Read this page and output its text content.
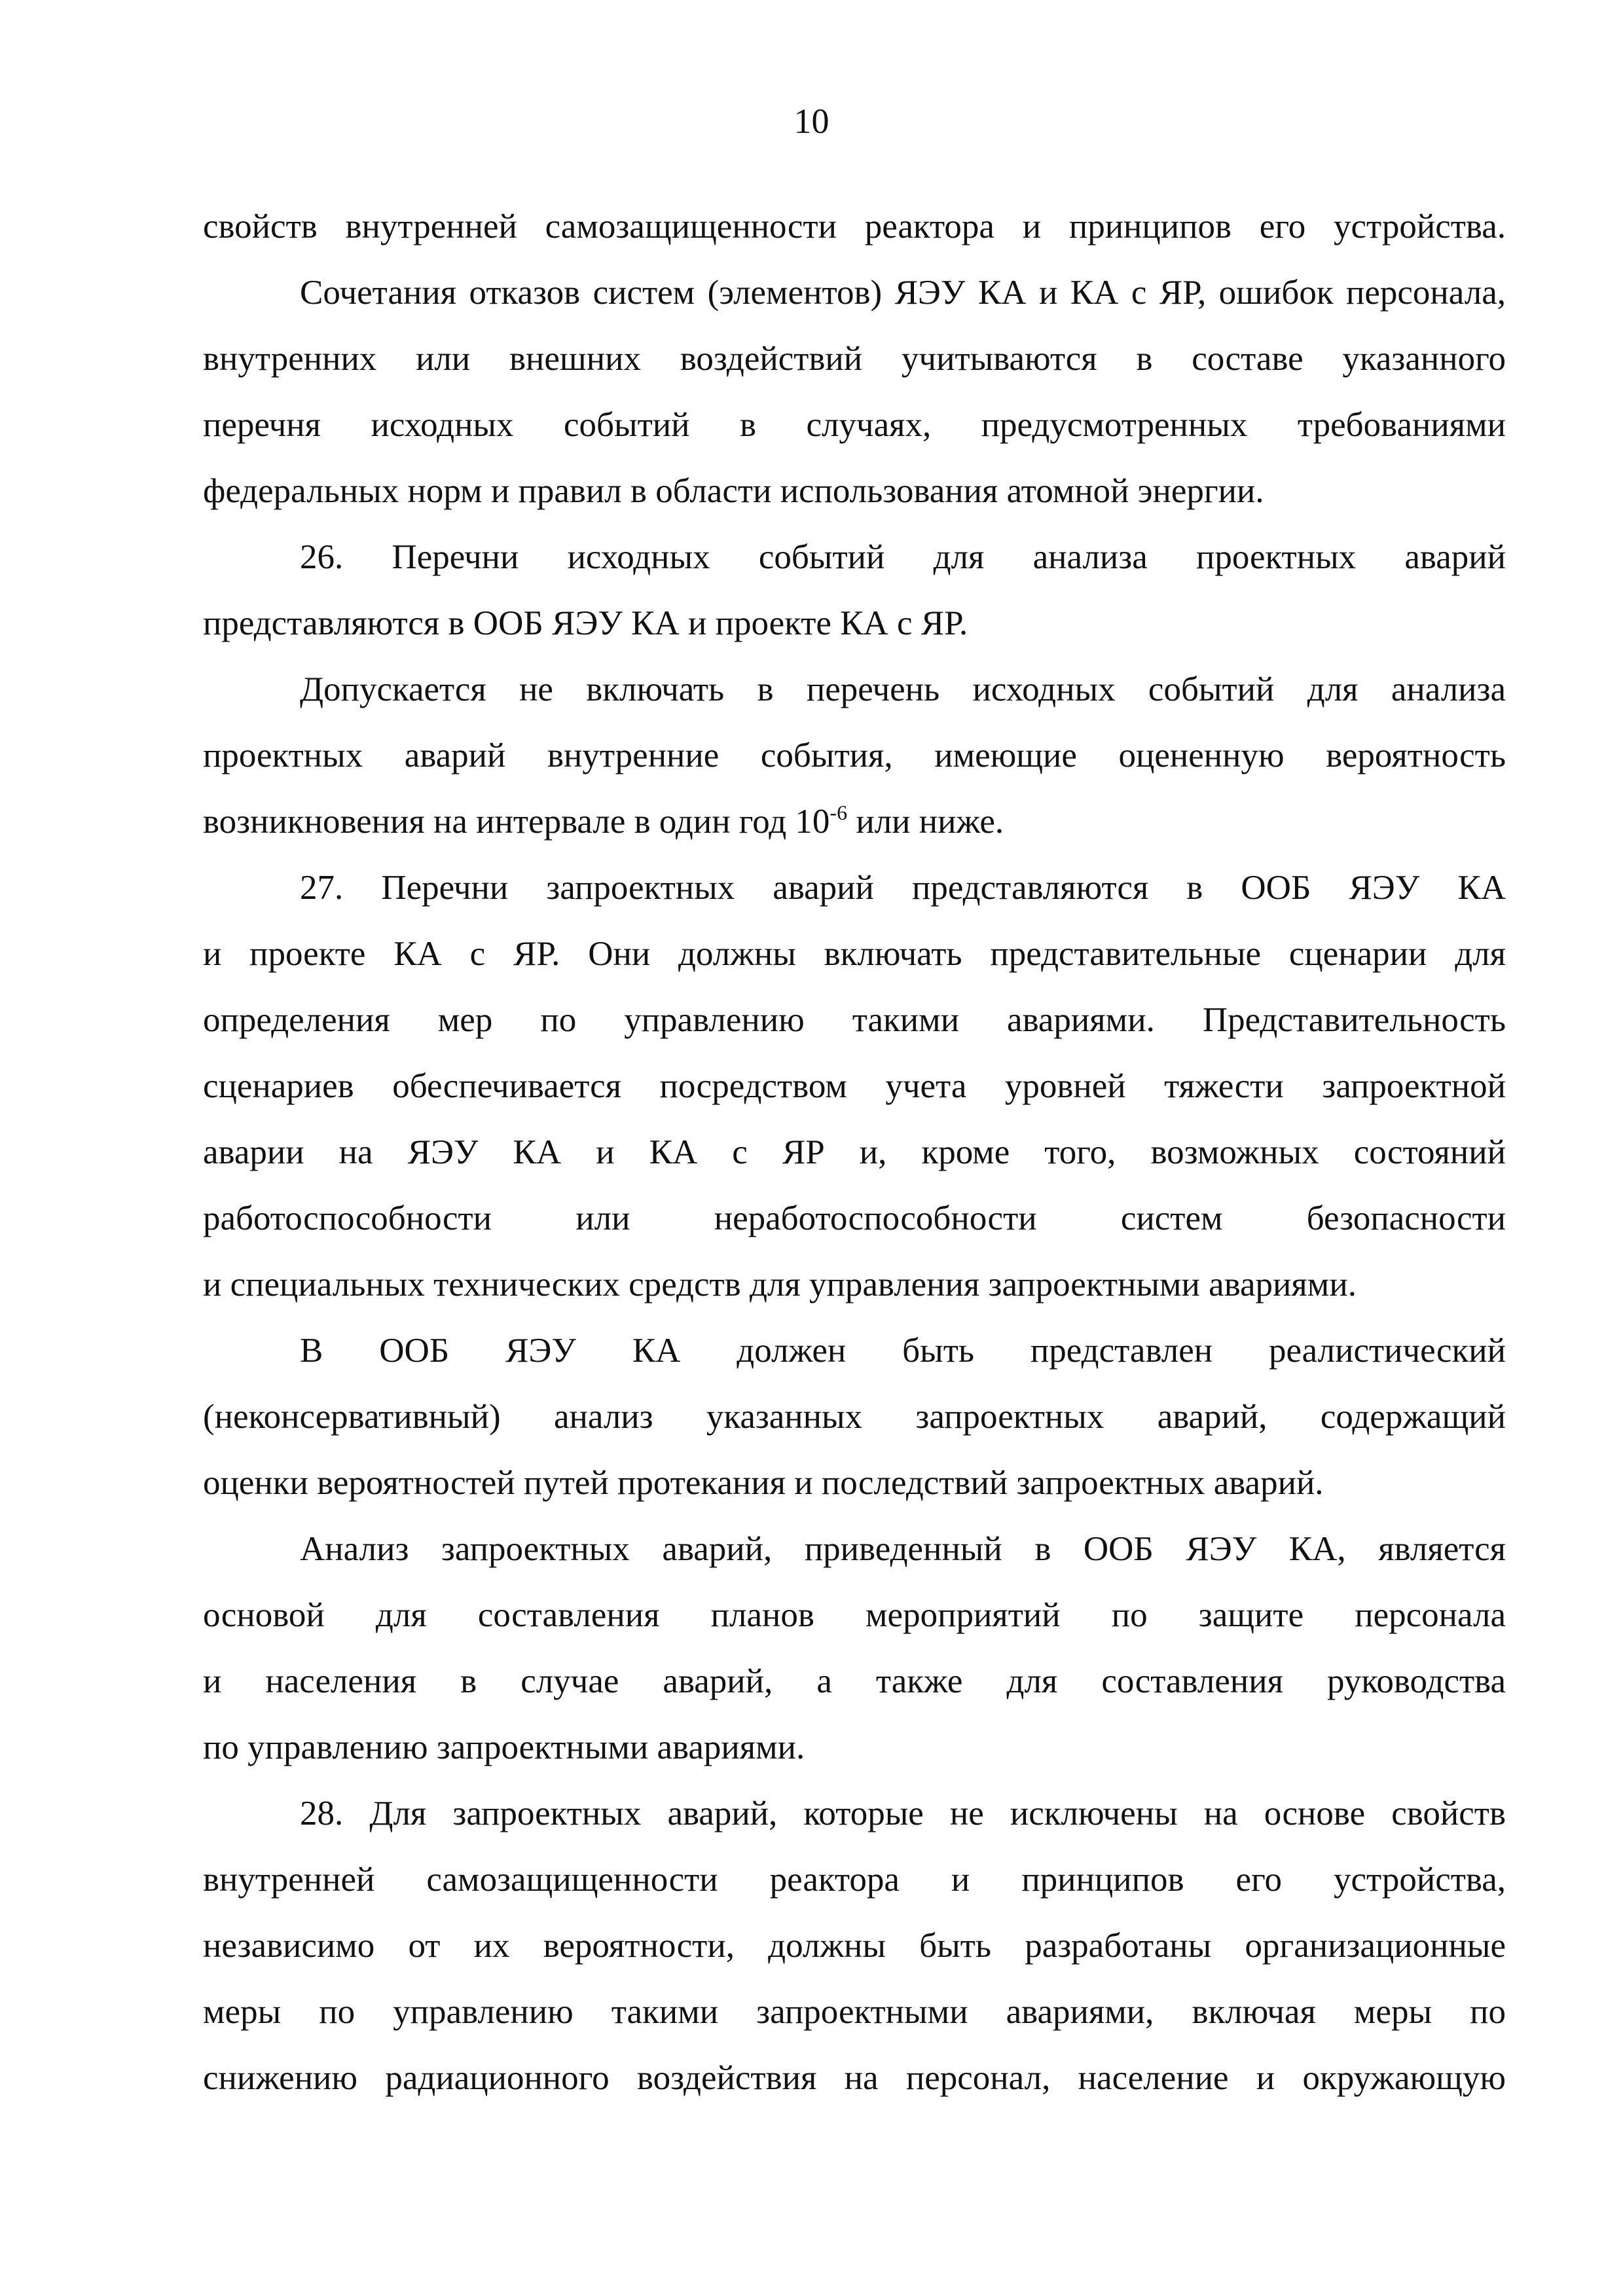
10
свойств внутренней самозащищенности реактора и принципов его устройства.
Сочетания отказов систем (элементов) ЯЭУ КА и КА с ЯР, ошибок персонала,
внутренних или внешних воздействий учитываются в составе указанного
перечня исходных событий в случаях, предусмотренных требованиями
федеральных норм и правил в области использования атомной энергии.
26. Перечни исходных событий для анализа проектных аварий
представляются в ООБ ЯЭУ КА и проекте КА с ЯР.
Допускается не включать в перечень исходных событий для анализа
проектных аварий внутренние события, имеющие оцененную вероятность
возникновения на интервале в один год $10^{-6}$ или ниже.
27. Перечни запроектных аварий представляются в ООБ ЯЭУ КА
и проекте КА с ЯР. Они должны включать представительные сценарии для
определения мер по управлению такими авариями. Представительность
сценариев обеспечивается посредством учета уровней тяжести запроектной
аварии на ЯЭУ КА и КА с ЯР и, кроме того, возможных состояний
работоспособности или неработоспособности систем безопасности
и специальных технических средств для управления запроектными авариями.
В ООБ ЯЭУ КА должен быть представлен реалистический
(неконсервативный) анализ указанных запроектных аварий, содержащий
оценки вероятностей путей протекания и последствий запроектных аварий.
Анализ запроектных аварий, приведенный в ООБ ЯЭУ КА, является
основой для составления планов мероприятий по защите персонала
и населения в случае аварий, а также для составления руководства
по управлению запроектными авариями.
28. Для запроектных аварий, которые не исключены на основе свойств
внутренней самозащищенности реактора и принципов его устройства,
независимо от их вероятности, должны быть разработаны организационные
меры по управлению такими запроектными авариями, включая меры по
снижению радиационного воздействия на персонал, население и окружающую
